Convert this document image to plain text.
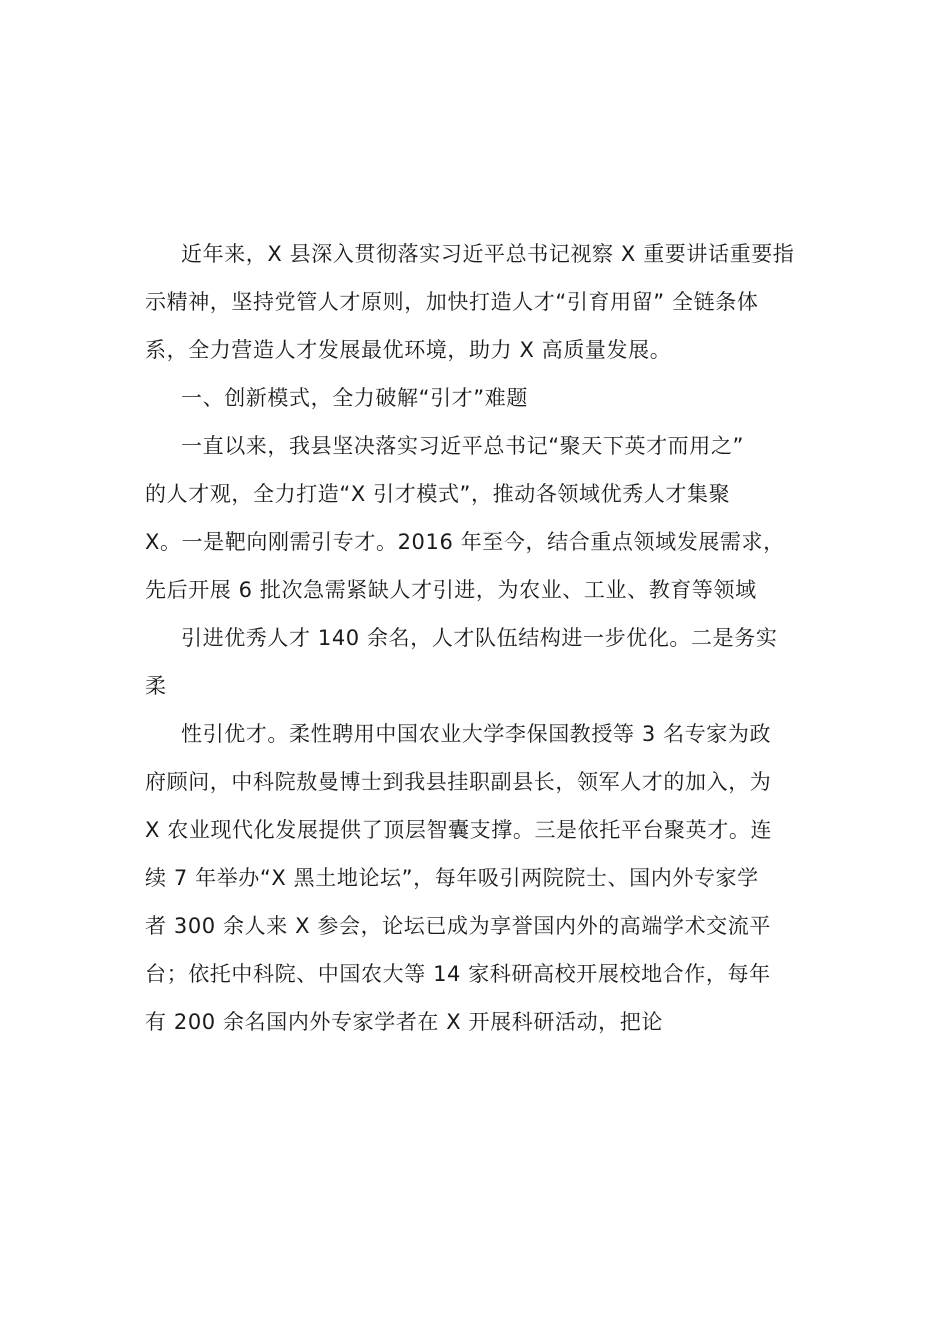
近年来，X 县深入贯彻落实习近平总书记视察 X 重要讲话重要指
示精神，坚持党管人才原则，加快打造人才“引育用留” 全链条体
系，全力营造人才发展最优环境，助力 X 高质量发展。
一、创新模式，全力破解“引才”难题
一直以来，我县坚决落实习近平总书记“聚天下英才而用之”
的人才观，全力打造“X 引才模式”，推动各领域优秀人才集聚
X。一是靶向刚需引专才。2016 年至今，结合重点领域发展需求，
先后开展 6 批次急需紧缺人才引进，为农业、工业、教育等领域
引进优秀人才 140 余名，人才队伍结构进一步优化。二是务实
柔
性引优才。柔性聘用中国农业大学李保国教授等 3 名专家为政
府顾问，中科院敖曼博士到我县挂职副县长，领军人才的加入，为
X 农业现代化发展提供了顶层智囊支撑。三是依托平台聚英才。连
续 7 年举办“X 黑土地论坛”，每年吸引两院院士、国内外专家学
者 300 余人来 X 参会，论坛已成为享誉国内外的高端学术交流平
台；依托中科院、中国农大等 14 家科研高校开展校地合作，每年
有 200 余名国内外专家学者在 X 开展科研活动，把论
